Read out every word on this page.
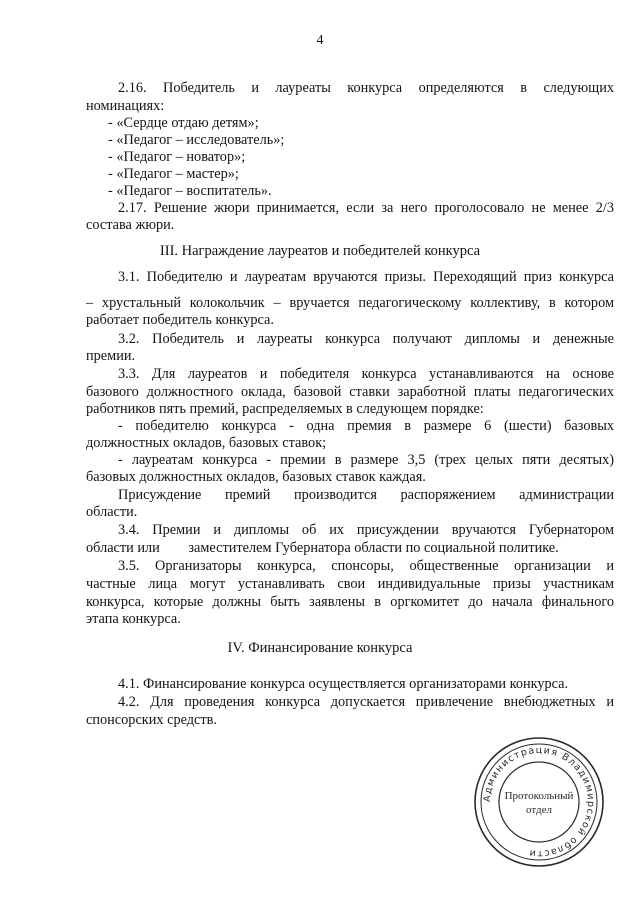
4
2.16. Победитель и лауреаты конкурса определяются в следующих
номинациях:
- «Сердце отдаю детям»;
- «Педагог – исследователь»;
- «Педагог – новатор»;
- «Педагог – мастер»;
- «Педагог – воспитатель».
2.17. Решение жюри принимается, если за него проголосовало не менее 2/3
состава жюри.
III. Награждение лауреатов и победителей конкурса
3.1. Победителю и лауреатам вручаются призы. Переходящий приз конкурса
– хрустальный колокольчик – вручается педагогическому коллективу, в котором
работает победитель конкурса.
3.2. Победитель и лауреаты конкурса получают дипломы и денежные
премии.
3.3. Для лауреатов и победителя конкурса устанавливаются на основе
базового должностного оклада, базовой ставки заработной платы педагогических
работников пять премий, распределяемых в следующем порядке:
- победителю конкурса - одна премия в размере 6 (шести) базовых
должностных окладов, базовых ставок;
- лауреатам конкурса - премии в размере 3,5 (трех целых пяти десятых)
базовых должностных окладов, базовых ставок каждая.
Присуждение премий производится распоряжением администрации
области.
3.4. Премии и дипломы об их присуждении вручаются Губернатором
области или        заместителем Губернатора области по социальной политике.
3.5. Организаторы конкурса, спонсоры, общественные организации и
частные лица могут устанавливать свои индивидуальные призы участникам
конкурса, которые должны быть заявлены в оргкомитет до начала финального
этапа конкурса.
IV. Финансирование конкурса
4.1. Финансирование конкурса осуществляется организаторами конкурса.
4.2. Для проведения конкурса допускается привлечение внебюджетных и
спонсорских средств.
Администрация Владимирской области
Протокольный
отдел
